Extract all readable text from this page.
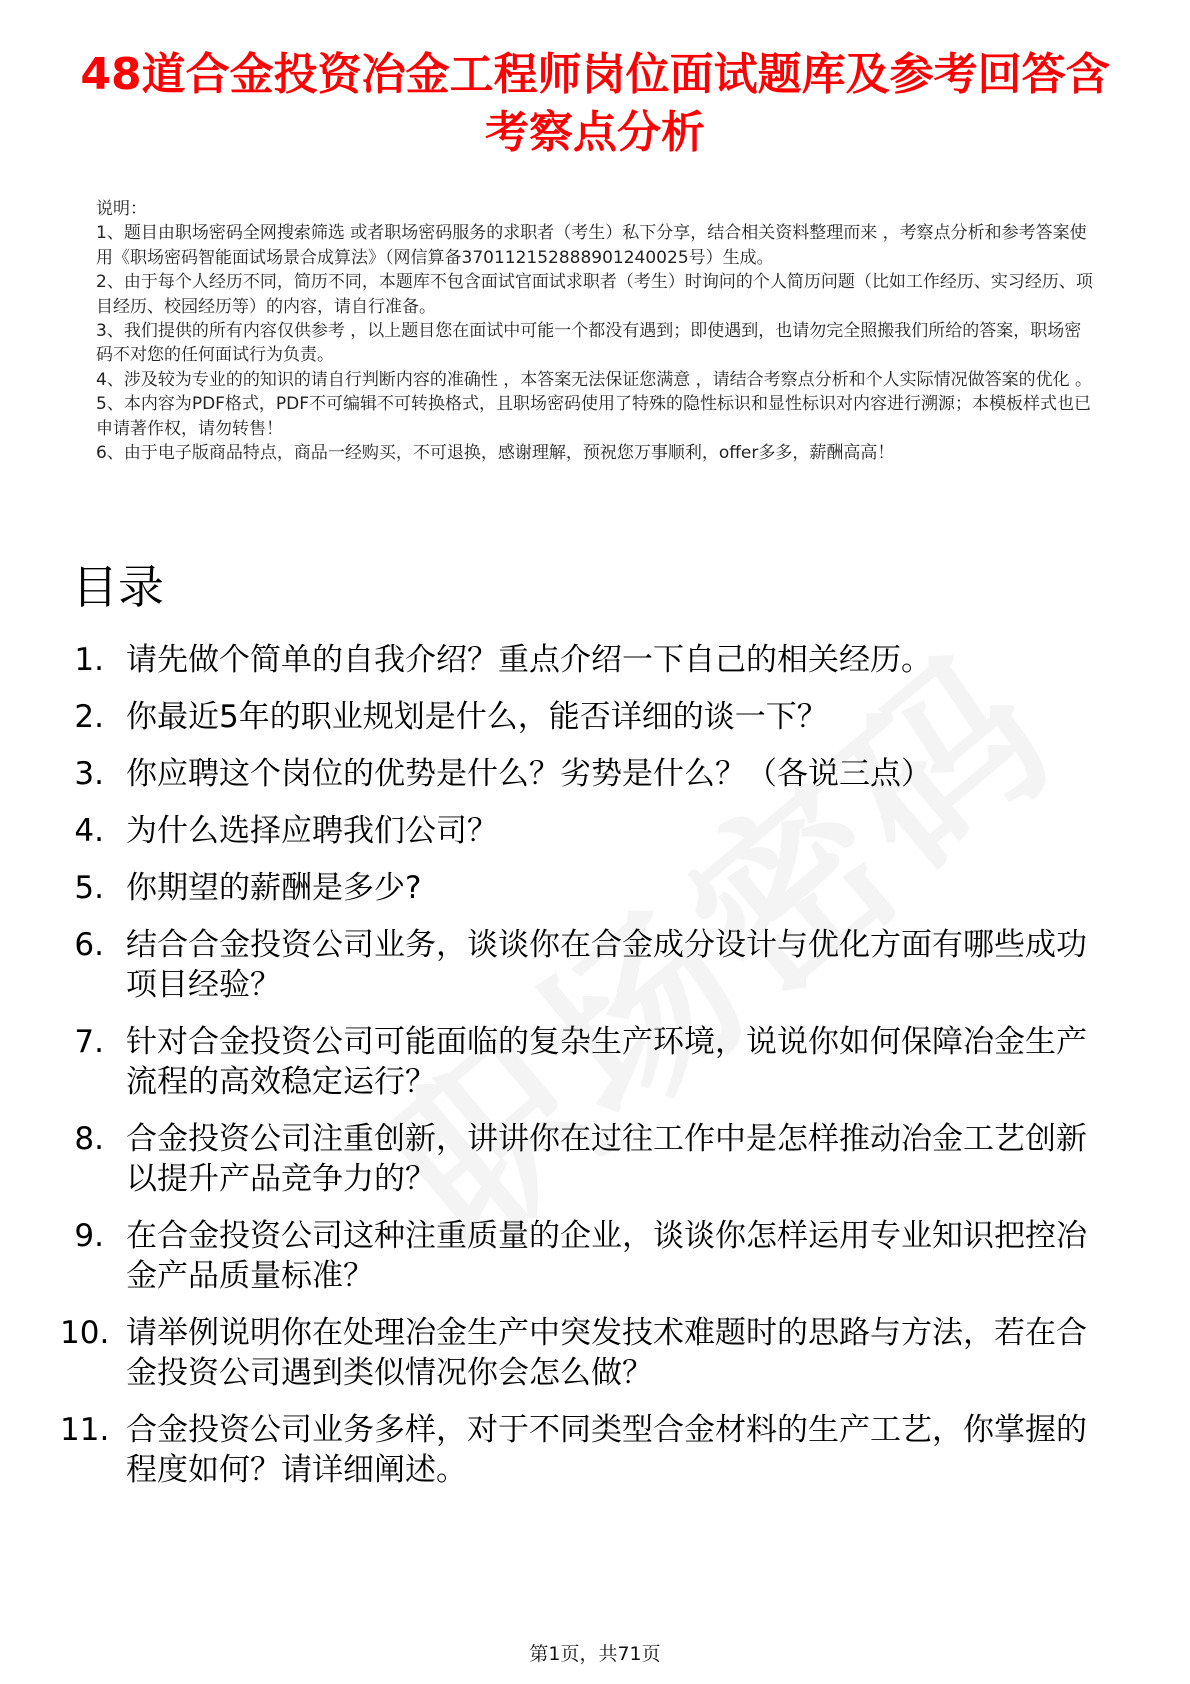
48道合金投资冶金工程师岗位面试题库及参考回答含考察点分析

说明：

1、题目由职场密码全网搜索筛选 或者职场密码服务的求职者（考生）私下分享，结合相关资料整理而来 ，考察点分析和参考答案使用《职场密码智能面试场景合成算法》（网信算备370112152888901240025号）生成。

2、由于每个人经历不同，简历不同，本题库不包含面试官面试求职者（考生）时询问的个人简历问题（比如工作经历、实习经历、项目经历、校园经历等）的内容，请自行准备。

3、我们提供的所有内容仅供参考 ，以上题目您在面试中可能一个都没有遇到；即使遇到，也请勿完全照搬我们所给的答案，职场密码不对您的任何面试行为负责。

4、涉及较为专业的的知识的请自行判断内容的准确性 ，本答案无法保证您满意 ，请结合考察点分析和个人实际情况做答案的优化 。

5、本内容为PDF格式，PDF不可编辑不可转换格式，且职场密码使用了特殊的隐性标识和显性标识对内容进行溯源；本模板样式也已申请著作权，请勿转售！

6、由于电子版商品特点，商品一经购买，不可退换，感谢理解，预祝您万事顺利，offer多多，薪酬高高！

目录
1. 请先做个简单的自我介绍？重点介绍一下自己的相关经历。
2. 你最近5年的职业规划是什么，能否详细的谈一下？
3. 你应聘这个岗位的优势是什么？劣势是什么？（各说三点）
4. 为什么选择应聘我们公司？
5. 你期望的薪酬是多少?
6. 结合合金投资公司业务，谈谈你在合金成分设计与优化方面有哪些成功项目经验？
7. 针对合金投资公司可能面临的复杂生产环境，说说你如何保障冶金生产流程的高效稳定运行？
8. 合金投资公司注重创新，讲讲你在过往工作中是怎样推动冶金工艺创新以提升产品竞争力的？
9. 在合金投资公司这种注重质量的企业，谈谈你怎样运用专业知识把控冶金产品质量标准？
10. 请举例说明你在处理冶金生产中突发技术难题时的思路与方法，若在合金投资公司遇到类似情况你会怎么做？
11. 合金投资公司业务多样，对于不同类型合金材料的生产工艺，你掌握的程度如何？请详细阐述。
第1页，共71页
